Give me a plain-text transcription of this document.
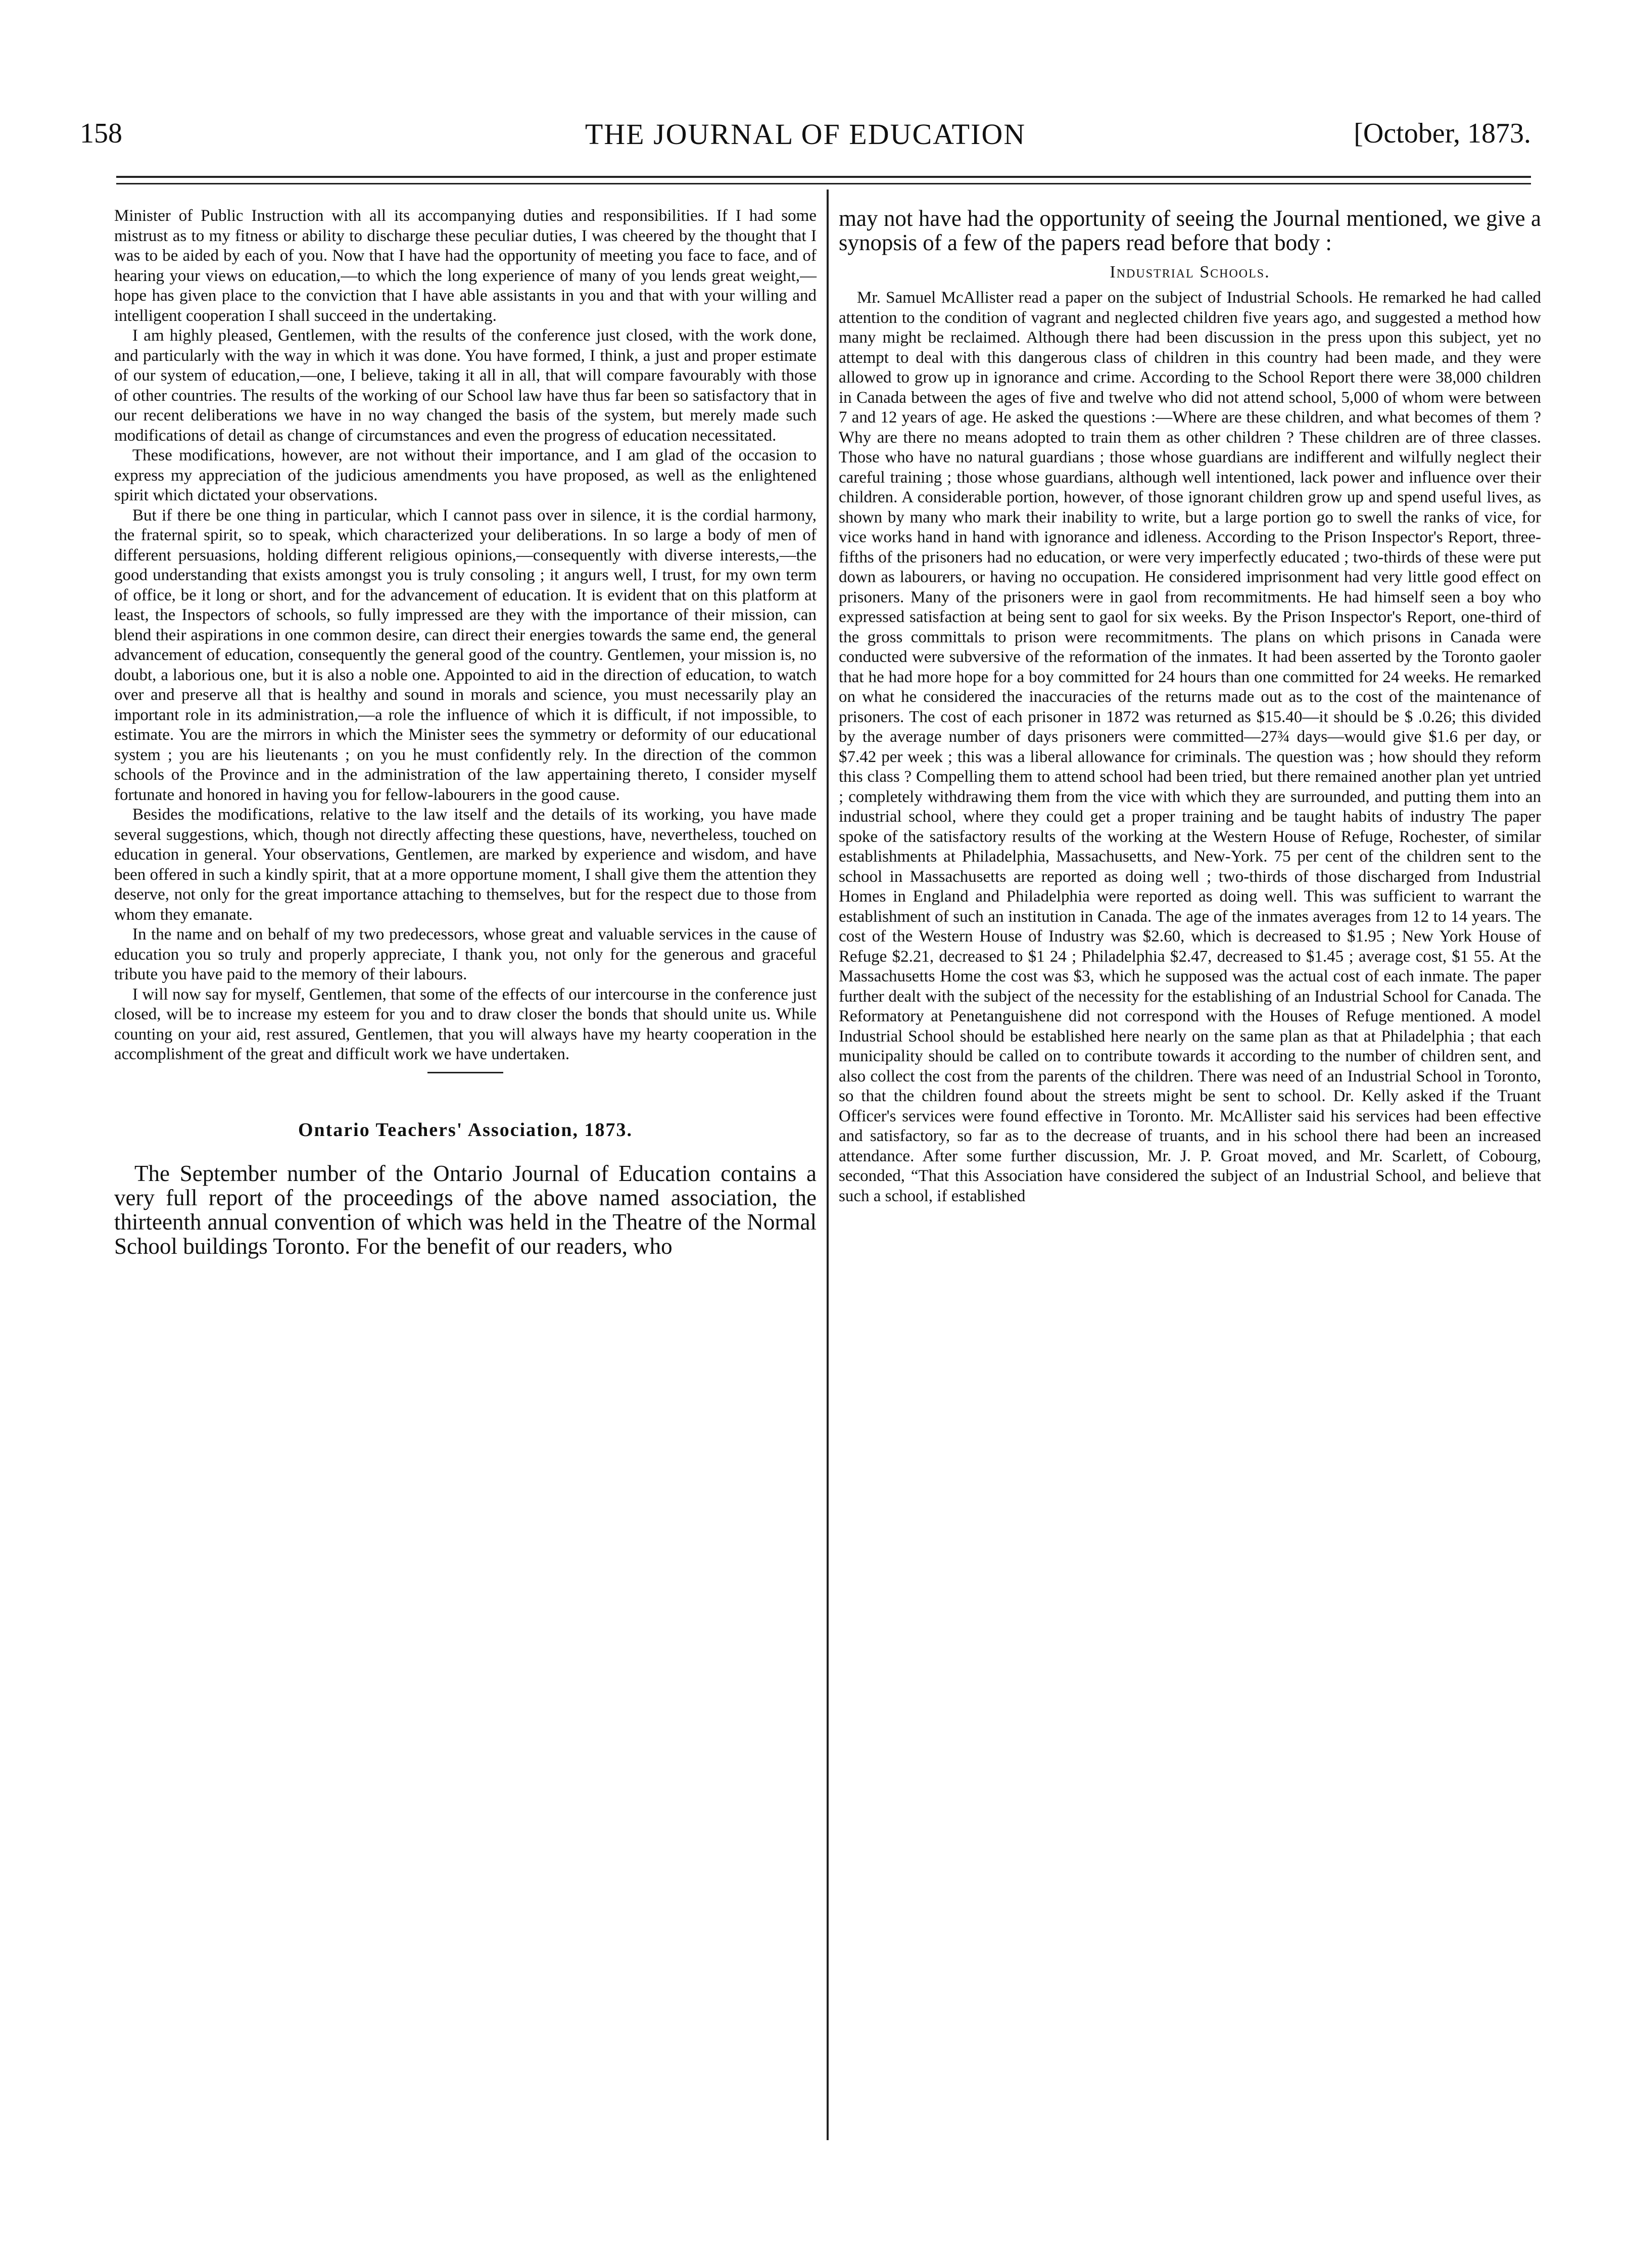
158	THE JOURNAL OF EDUCATION	[October, 1873.

Minister of Public Instruction with all its accompanying duties and responsibilities. If I had some mistrust as to my fitness or ability to discharge these peculiar duties, I was cheered by the thought that I was to be aided by each of you. Now that I have had the opportunity of meeting you face to face, and of hearing your views on education,—to which the long experience of many of you lends great weight,—hope has given place to the conviction that I have able assistants in you and that with your willing and intelligent cooperation I shall succeed in the undertaking.

I am highly pleased, Gentlemen, with the results of the conference just closed, with the work done, and particularly with the way in which it was done. You have formed, I think, a just and proper estimate of our system of education,—one, I believe, taking it all in all, that will compare favourably with those of other countries. The results of the working of our School law have thus far been so satisfactory that in our recent deliberations we have in no way changed the basis of the system, but merely made such modifications of detail as change of circumstances and even the progress of education necessitated.

These modifications, however, are not without their importance, and I am glad of the occasion to express my appreciation of the judicious amendments you have proposed, as well as the enlightened spirit which dictated your observations.

But if there be one thing in particular, which I cannot pass over in silence, it is the cordial harmony, the fraternal spirit, so to speak, which characterized your deliberations. In so large a body of men of different persuasions, holding different religious opinions,—consequently with diverse interests,—the good understanding that exists amongst you is truly consoling ; it angurs well, I trust, for my own term of office, be it long or short, and for the advancement of education. It is evident that on this platform at least, the Inspectors of schools, so fully impressed are they with the importance of their mission, can blend their aspirations in one common desire, can direct their energies towards the same end, the general advancement of education, consequently the general good of the country. Gentlemen, your mission is, no doubt, a laborious one, but it is also a noble one. Appointed to aid in the direction of education, to watch over and preserve all that is healthy and sound in morals and science, you must necessarily play an important role in its administration,—a role the influence of which it is difficult, if not impossible, to estimate. You are the mirrors in which the Minister sees the symmetry or deformity of our educational system ; you are his lieutenants ; on you he must confidently rely. In the direction of the common schools of the Province and in the administration of the law appertaining thereto, I consider myself fortunate and honored in having you for fellow-labourers in the good cause.

Besides the modifications, relative to the law itself and the details of its working, you have made several suggestions, which, though not directly affecting these questions, have, nevertheless, touched on education in general. Your observations, Gentlemen, are marked by experience and wisdom, and have been offered in such a kindly spirit, that at a more opportune moment, I shall give them the attention they deserve, not only for the great importance attaching to themselves, but for the respect due to those from whom they emanate.

In the name and on behalf of my two predecessors, whose great and valuable services in the cause of education you so truly and properly appreciate, I thank you, not only for the generous and graceful tribute you have paid to the memory of their labours.

I will now say for myself, Gentlemen, that some of the effects of our intercourse in the conference just closed, will be to increase my esteem for you and to draw closer the bonds that should unite us. While counting on your aid, rest assured, Gentlemen, that you will always have my hearty cooperation in the accomplishment of the great and difficult work we have undertaken.

Ontario Teachers' Association, 1873.

The September number of the Ontario Journal of Education contains a very full report of the proceedings of the above named association, the thirteenth annual convention of which was held in the Theatre of the Normal School buildings Toronto. For the benefit of our readers, who

may not have had the opportunity of seeing the Journal mentioned, we give a synopsis of a few of the papers read before that body :

Industrial Schools.

Mr. Samuel McAllister read a paper on the subject of Industrial Schools. He remarked he had called attention to the condition of vagrant and neglected children five years ago, and suggested a method how many might be reclaimed. Although there had been discussion in the press upon this subject, yet no attempt to deal with this dangerous class of children in this country had been made, and they were allowed to grow up in ignorance and crime. According to the School Report there were 38,000 children in Canada between the ages of five and twelve who did not attend school, 5,000 of whom were between 7 and 12 years of age. He asked the questions :—Where are these children, and what becomes of them ? Why are there no means adopted to train them as other children ? These children are of three classes. Those who have no natural guardians ; those whose guardians are indifferent and wilfully neglect their careful training ; those whose guardians, although well intentioned, lack power and influence over their children. A considerable portion, however, of those ignorant children grow up and spend useful lives, as shown by many who mark their inability to write, but a large portion go to swell the ranks of vice, for vice works hand in hand with ignorance and idleness. According to the Prison Inspector's Report, three-fifths of the prisoners had no education, or were very imperfectly educated ; two-thirds of these were put down as labourers, or having no occupation. He considered imprisonment had very little good effect on prisoners. Many of the prisoners were in gaol from recommitments. He had himself seen a boy who expressed satisfaction at being sent to gaol for six weeks. By the Prison Inspector's Report, one-third of the gross committals to prison were recommitments. The plans on which prisons in Canada were conducted were subversive of the reformation of the inmates. It had been asserted by the Toronto gaoler that he had more hope for a boy committed for 24 hours than one committed for 24 weeks. He remarked on what he considered the inaccuracies of the returns made out as to the cost of the maintenance of prisoners. The cost of each prisoner in 1872 was returned as $15.40—it should be $ .0.26; this divided by the average number of days prisoners were committed—27¾ days—would give $1.6 per day, or $7.42 per week ; this was a liberal allowance for criminals. The question was ; how should they reform this class ? Compelling them to attend school had been tried, but there remained another plan yet untried ; completely withdrawing them from the vice with which they are surrounded, and putting them into an industrial school, where they could get a proper training and be taught habits of industry The paper spoke of the satisfactory results of the working at the Western House of Refuge, Rochester, of similar establishments at Philadelphia, Massachusetts, and New-York. 75 per cent of the children sent to the school in Massachusetts are reported as doing well ; two-thirds of those discharged from Industrial Homes in England and Philadelphia were reported as doing well. This was sufficient to warrant the establishment of such an institution in Canada. The age of the inmates averages from 12 to 14 years. The cost of the Western House of Industry was $2.60, which is decreased to $1.95 ; New York House of Refuge $2.21, decreased to $1 24 ; Philadelphia $2.47, decreased to $1.45 ; average cost, $1 55. At the Massachusetts Home the cost was $3, which he supposed was the actual cost of each inmate. The paper further dealt with the subject of the necessity for the establishing of an Industrial School for Canada. The Reformatory at Penetanguishene did not correspond with the Houses of Refuge mentioned. A model Industrial School should be established here nearly on the same plan as that at Philadelphia ; that each municipality should be called on to contribute towards it according to the number of children sent, and also collect the cost from the parents of the children. There was need of an Industrial School in Toronto, so that the children found about the streets might be sent to school. Dr. Kelly asked if the Truant Officer's services were found effective in Toronto. Mr. McAllister said his services had been effective and satisfactory, so far as to the decrease of truants, and in his school there had been an increased attendance. After some further discussion, Mr. J. P. Groat moved, and Mr. Scarlett, of Cobourg, seconded, “That this Association have considered the subject of an Industrial School, and believe that such a school, if established
